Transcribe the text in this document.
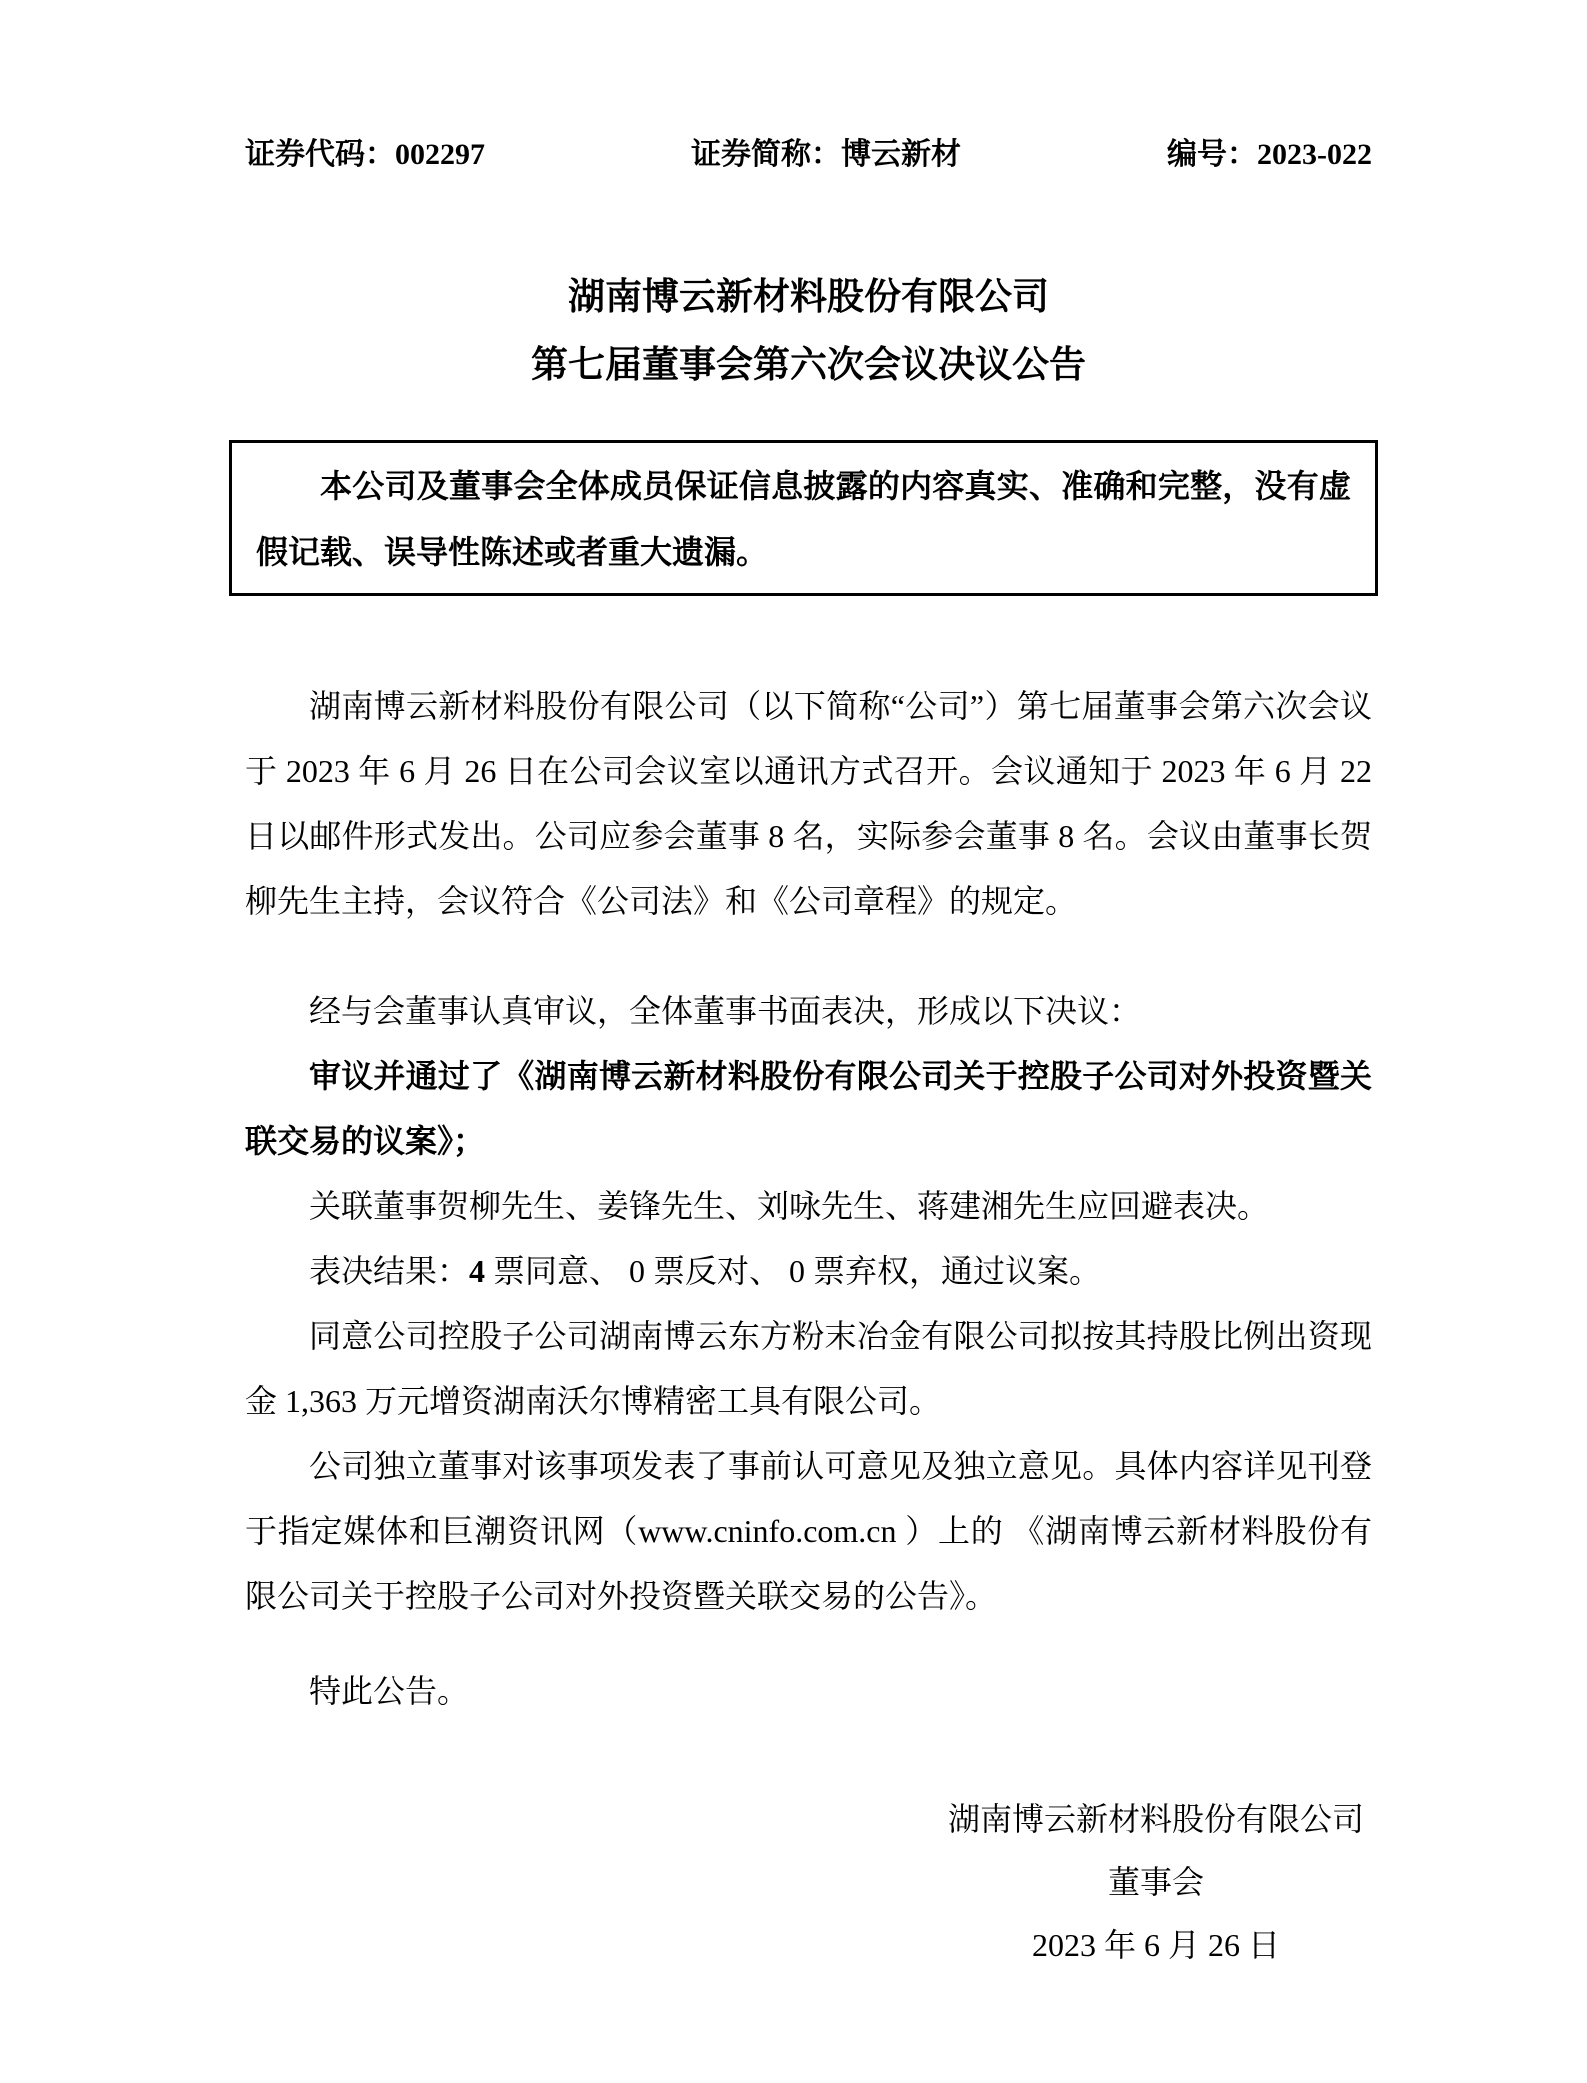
证券代码：002297	证券简称：博云新材	编号：2023-022
湖南博云新材料股份有限公司
第七届董事会第六次会议决议公告

本公司及董事会全体成员保证信息披露的内容真实、准确和完整，没有虚假记载、误导性陈述或者重大遗漏。

湖南博云新材料股份有限公司（以下简称“公司”）第七届董事会第六次会议于 2023 年 6 月 26 日在公司会议室以通讯方式召开。会议通知于 2023 年 6 月 22 日以邮件形式发出。公司应参会董事 8 名，实际参会董事 8 名。会议由董事长贺柳先生主持，会议符合《公司法》和《公司章程》的规定。

经与会董事认真审议，全体董事书面表决，形成以下决议：

审议并通过了《湖南博云新材料股份有限公司关于控股子公司对外投资暨关联交易的议案》；

关联董事贺柳先生、姜锋先生、刘咏先生、蒋建湘先生应回避表决。

表决结果：4 票同意、 0 票反对、 0 票弃权，通过议案。

同意公司控股子公司湖南博云东方粉末冶金有限公司拟按其持股比例出资现金 1,363 万元增资湖南沃尔博精密工具有限公司。

公司独立董事对该事项发表了事前认可意见及独立意见。具体内容详见刊登于指定媒体和巨潮资讯网（www.cninfo.com.cn ）上的 《湖南博云新材料股份有限公司关于控股子公司对外投资暨关联交易的公告》。

特此公告。

湖南博云新材料股份有限公司
董事会
2023 年 6 月 26 日
